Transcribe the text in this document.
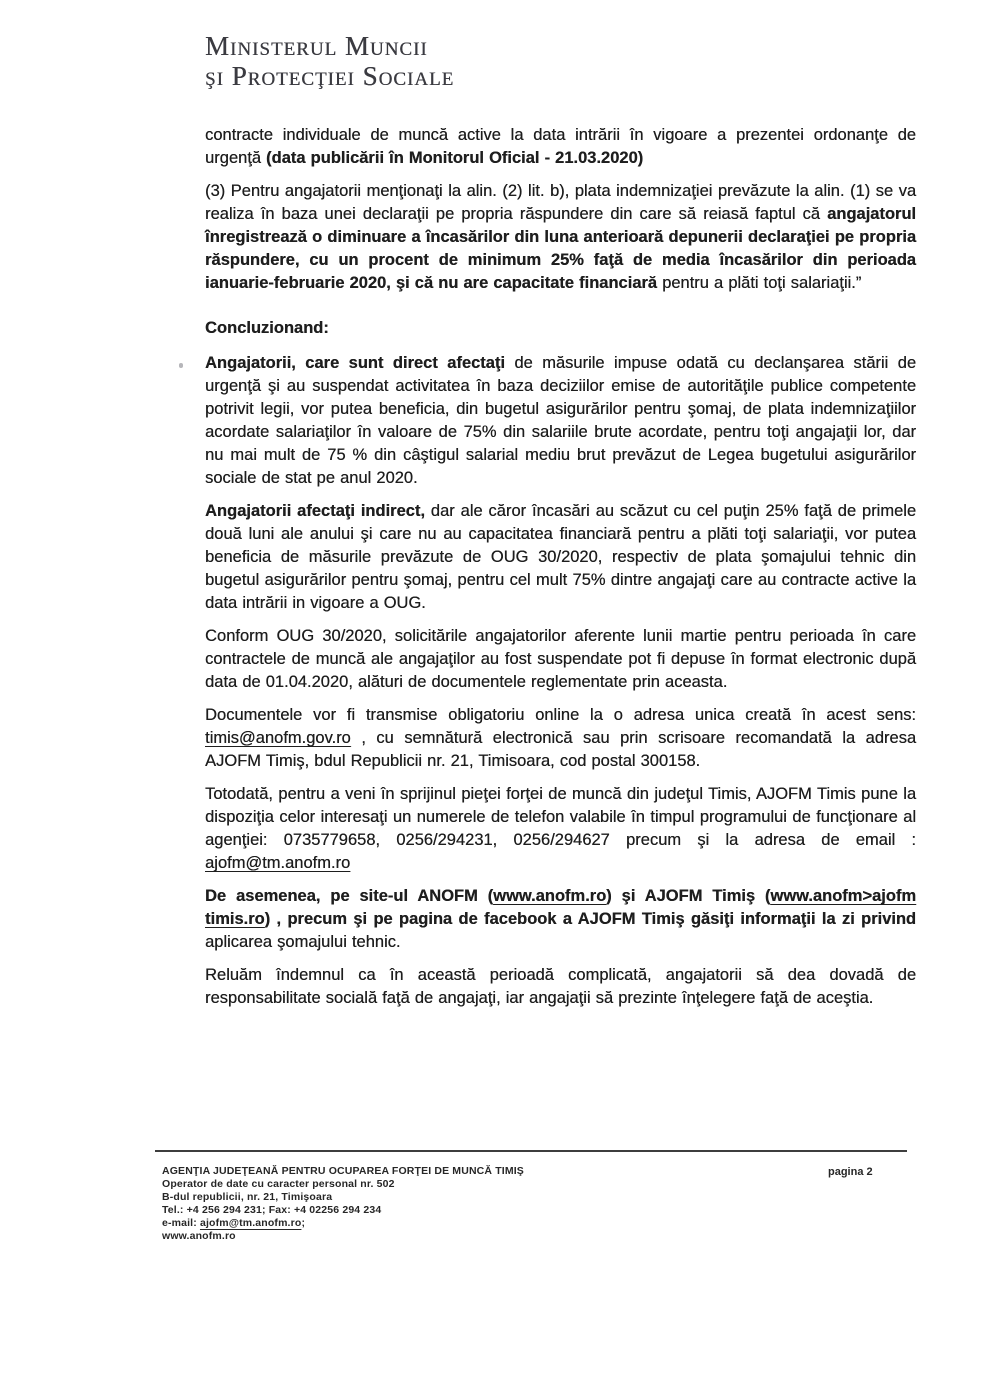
Ministerul Muncii
şi Protecţiei Sociale

contracte individuale de muncă active la data intrării în vigoare a prezentei ordonanţe de urgenţă (data publicării în Monitorul Oficial - 21.03.2020)

(3) Pentru angajatorii menţionaţi la alin. (2) lit. b), plata indemnizaţiei prevăzute la alin. (1) se va realiza în baza unei declaraţii pe propria răspundere din care să reiasă faptul că angajatorul înregistrează o diminuare a încasărilor din luna anterioară depunerii declaraţiei pe propria răspundere, cu un procent de minimum 25% faţă de media încasărilor din perioada ianuarie-februarie 2020, şi că nu are capacitate financiară pentru a plăti toţi salariaţii.”

Concluzionand:

Angajatorii, care sunt direct afectaţi de măsurile impuse odată cu declanşarea stării de urgenţă şi au suspendat activitatea în baza deciziilor emise de autorităţile publice competente potrivit legii, vor putea beneficia, din bugetul asigurărilor pentru şomaj, de plata indemnizaţiilor acordate salariaţilor în valoare de 75% din salariile brute acordate, pentru toţi angajaţii lor, dar nu mai mult de 75 % din câştigul salarial mediu brut prevăzut de Legea bugetului asigurărilor sociale de stat pe anul 2020.

Angajatorii afectaţi indirect, dar ale căror încasări au scăzut cu cel puţin 25% faţă de primele două luni ale anului şi care nu au capacitatea financiară pentru a plăti toţi salariaţii, vor putea beneficia de măsurile prevăzute de OUG 30/2020, respectiv de plata şomajului tehnic din bugetul asigurărilor pentru şomaj, pentru cel mult 75% dintre angajaţi care au contracte active la data intrării in vigoare a OUG.

Conform OUG 30/2020, solicitările angajatorilor aferente lunii martie pentru perioada în care contractele de muncă ale angajaţilor au fost suspendate pot fi depuse în format electronic după data de 01.04.2020, alături de documentele reglementate prin aceasta.

Documentele vor fi transmise obligatoriu online la o adresa unica creată în acest sens: timis@anofm.gov.ro , cu semnătură electronică sau prin scrisoare recomandată la adresa AJOFM Timiş, bdul Republicii nr. 21, Timisoara, cod postal 300158.

Totodată, pentru a veni în sprijinul pieţei forţei de muncă din judeţul Timis, AJOFM Timis pune la dispoziţia celor interesaţi un numerele de telefon valabile în timpul programului de funcţionare al agenţiei: 0735779658, 0256/294231, 0256/294627 precum şi la adresa de email : ajofm@tm.anofm.ro

De asemenea, pe site-ul ANOFM (www.anofm.ro) şi AJOFM Timiş (www.anofm>ajofm timis.ro) , precum şi pe pagina de facebook a AJOFM Timiş găsiţi informaţii la zi privind aplicarea şomajului tehnic.

Reluăm îndemnul ca în această perioadă complicată, angajatorii să dea dovadă de responsabilitate socială faţă de angajaţi, iar angajaţii să prezinte înţelegere faţă de aceştia.

AGENŢIA JUDEŢEANĂ PENTRU OCUPAREA FORŢEI DE MUNCĂ TIMIŞ
Operator de date cu caracter personal nr. 502
B-dul republicii, nr. 21, Timişoara
Tel.: +4 256 294 231; Fax: +4 02256 294 234
e-mail: ajofm@tm.anofm.ro;
www.anofm.ro
pagina 2
